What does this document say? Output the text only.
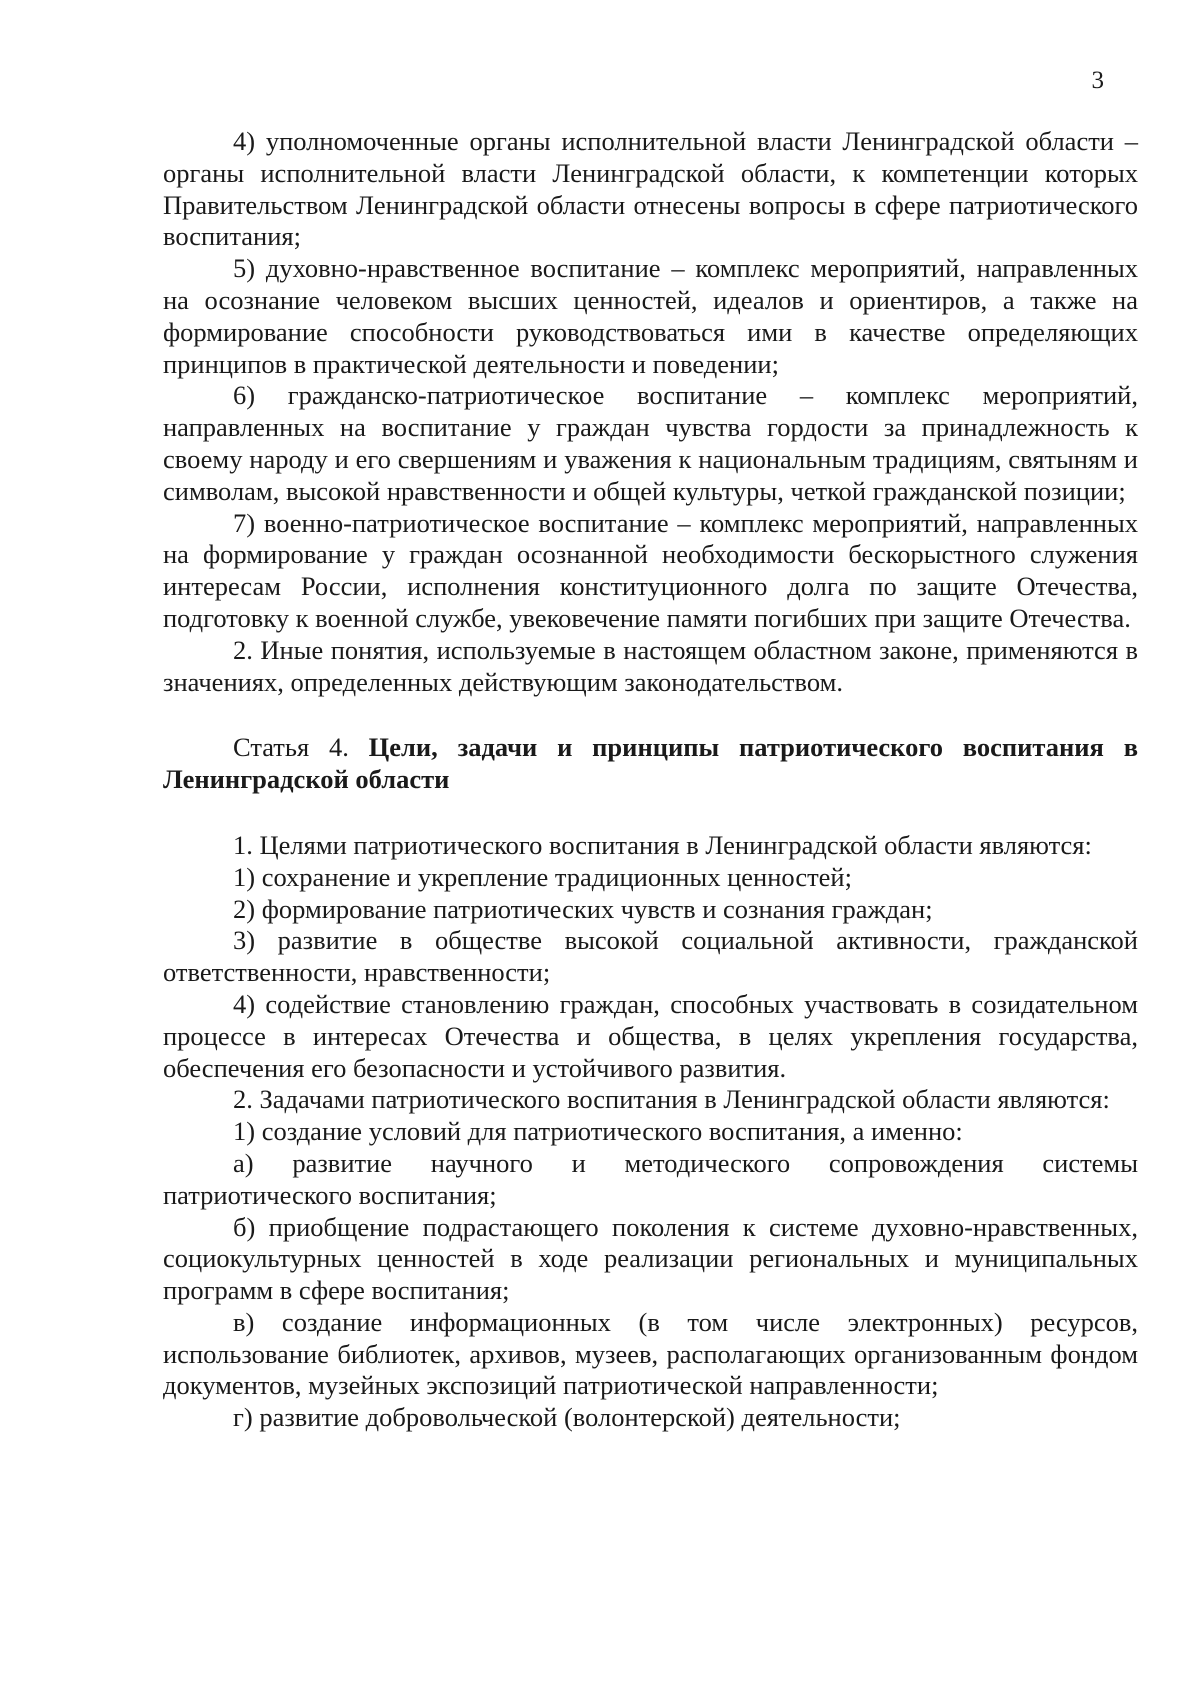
3

4) уполномоченные органы исполнительной власти Ленинградской области – органы исполнительной власти Ленинградской области, к компетенции которых Правительством Ленинградской области отнесены вопросы в сфере патриотического воспитания;

5) духовно-нравственное воспитание – комплекс мероприятий, направленных на осознание человеком высших ценностей, идеалов и ориентиров, а также на формирование способности руководствоваться ими в качестве определяющих принципов в практической деятельности и поведении;

6) гражданско-патриотическое воспитание – комплекс мероприятий, направленных на воспитание у граждан чувства гордости за принадлежность к своему народу и его свершениям и уважения к национальным традициям, святыням и символам, высокой нравственности и общей культуры, четкой гражданской позиции;

7) военно-патриотическое воспитание – комплекс мероприятий, направленных на формирование у граждан осознанной необходимости бескорыстного служения интересам России, исполнения конституционного долга по защите Отечества, подготовку к военной службе, увековечение памяти погибших при защите Отечества.

2. Иные понятия, используемые в настоящем областном законе, применяются в значениях, определенных действующим законодательством.

Статья 4. Цели, задачи и принципы патриотического воспитания в Ленинградской области

1. Целями патриотического воспитания в Ленинградской области являются:

1) сохранение и укрепление традиционных ценностей;

2) формирование патриотических чувств и сознания граждан;

3) развитие в обществе высокой социальной активности, гражданской ответственности, нравственности;

4) содействие становлению граждан, способных участвовать в созидательном процессе в интересах Отечества и общества, в целях укрепления государства, обеспечения его безопасности и устойчивого развития.

2. Задачами патриотического воспитания в Ленинградской области являются:

1) создание условий для патриотического воспитания, а именно:

а) развитие научного и методического сопровождения системы патриотического воспитания;

б) приобщение подрастающего поколения к системе духовно-нравственных, социокультурных ценностей в ходе реализации региональных и муниципальных программ в сфере воспитания;

в) создание информационных (в том числе электронных) ресурсов, использование библиотек, архивов, музеев, располагающих организованным фондом документов, музейных экспозиций патриотической направленности;

г) развитие добровольческой (волонтерской) деятельности;
